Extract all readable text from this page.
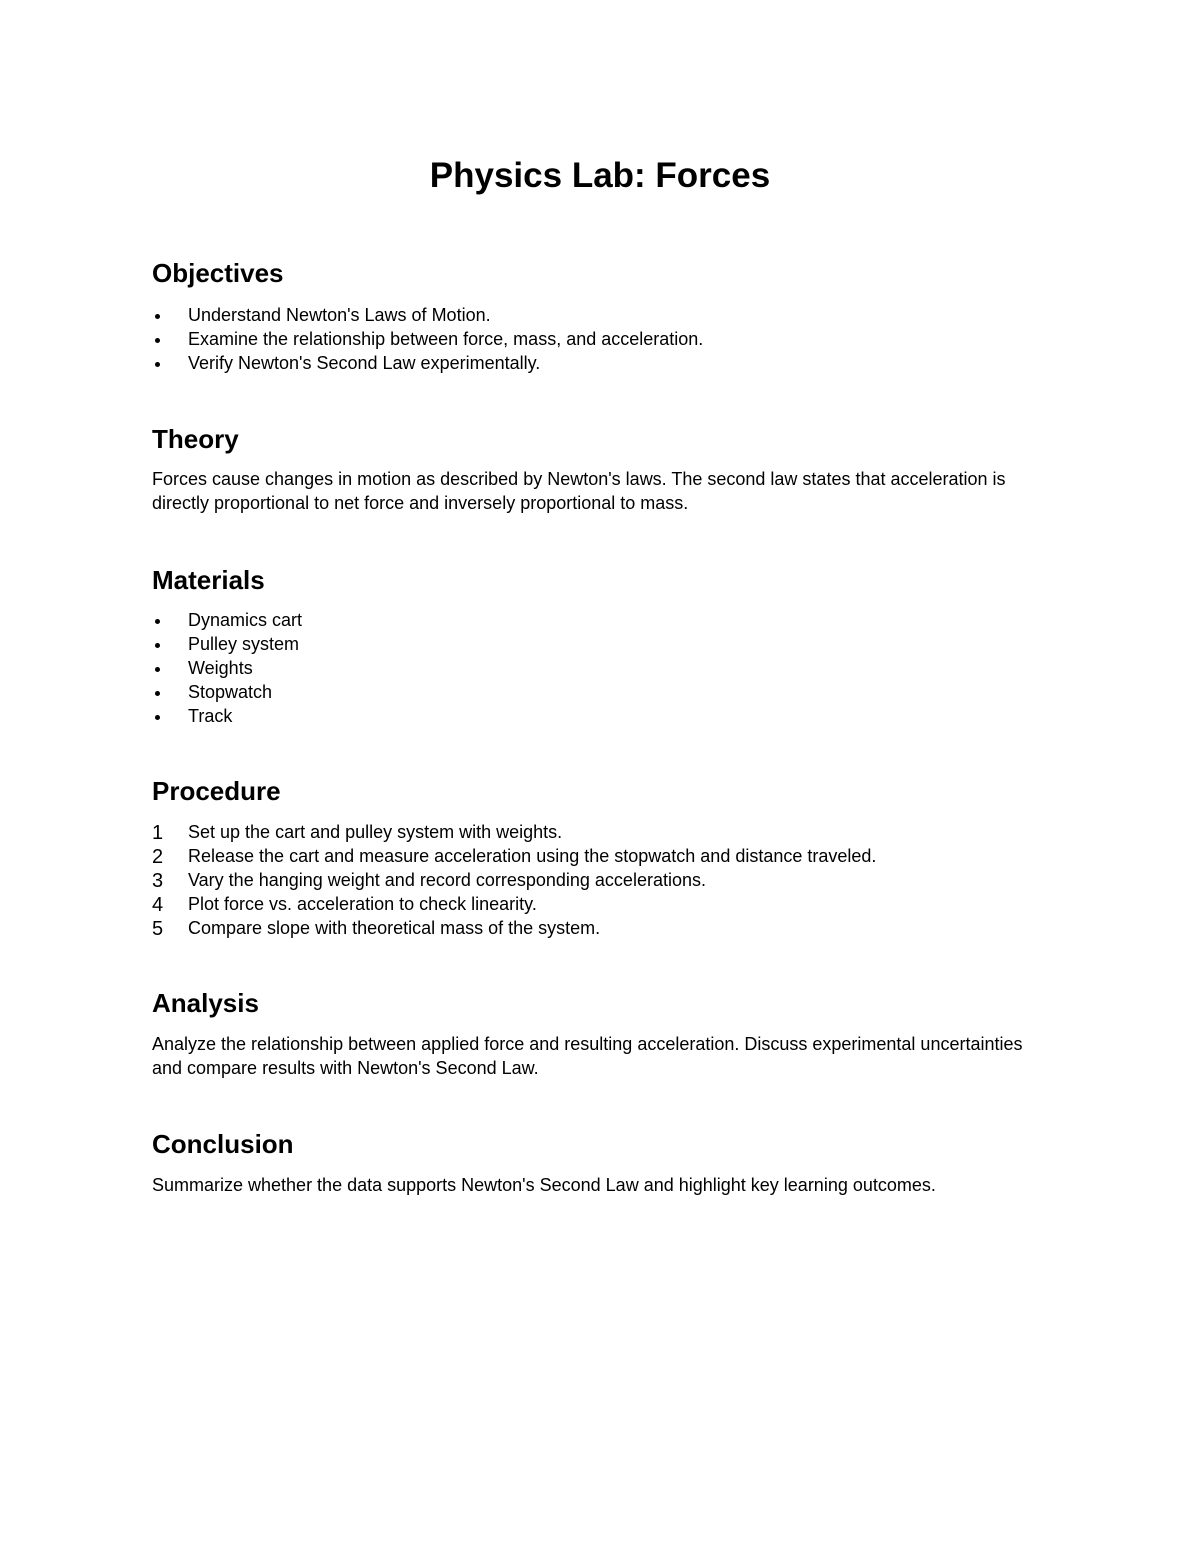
Physics Lab: Forces
Objectives
Understand Newton's Laws of Motion.
Examine the relationship between force, mass, and acceleration.
Verify Newton's Second Law experimentally.
Theory

Forces cause changes in motion as described by Newton's laws. The second law states that acceleration is directly proportional to net force and inversely proportional to mass.

Materials
Dynamics cart
Pulley system
Weights
Stopwatch
Track
Procedure
1	Set up the cart and pulley system with weights.
2	Release the cart and measure acceleration using the stopwatch and distance traveled.
3	Vary the hanging weight and record corresponding accelerations.
4	Plot force vs. acceleration to check linearity.
5	Compare slope with theoretical mass of the system.
Analysis

Analyze the relationship between applied force and resulting acceleration. Discuss experimental uncertainties and compare results with Newton's Second Law.

Conclusion

Summarize whether the data supports Newton's Second Law and highlight key learning outcomes.
